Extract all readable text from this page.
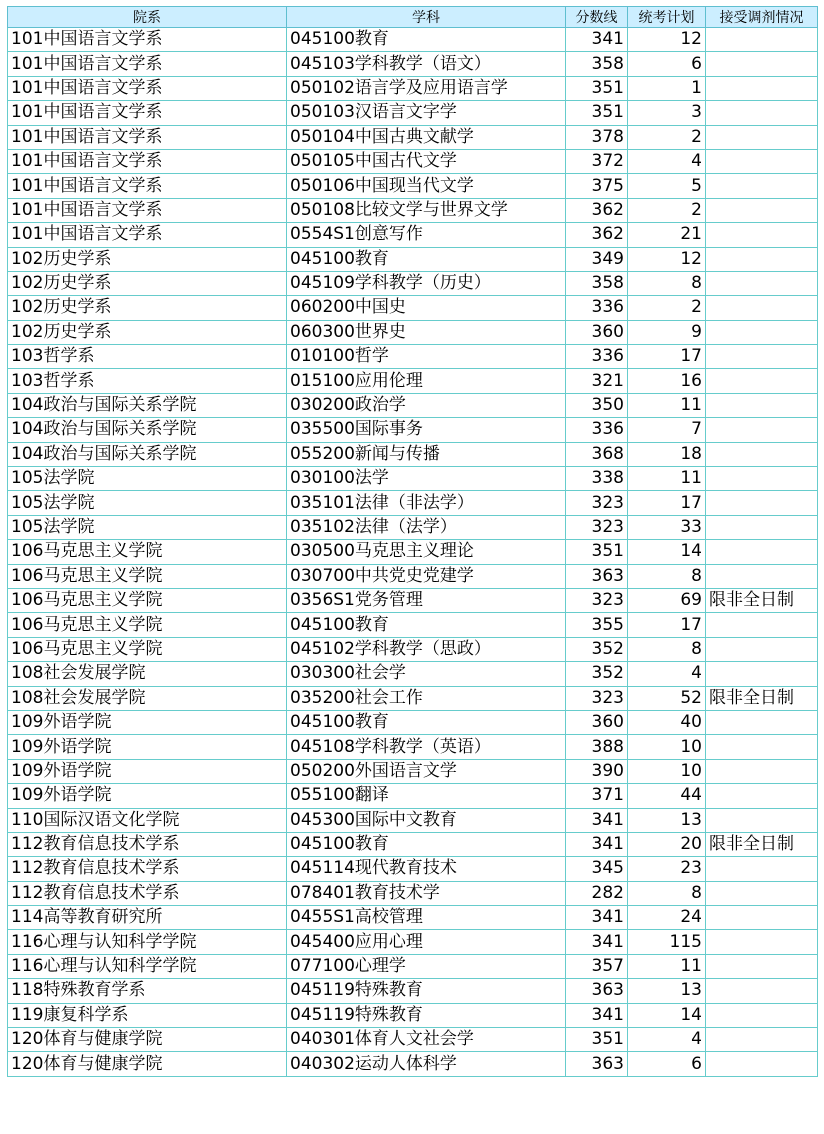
院系	学科	分数线	统考计划	接受调剂情况
101中国语言文学系	045100教育	341	12	
101中国语言文学系	045103学科教学（语文）	358	6	
101中国语言文学系	050102语言学及应用语言学	351	1	
101中国语言文学系	050103汉语言文字学	351	3	
101中国语言文学系	050104中国古典文献学	378	2	
101中国语言文学系	050105中国古代文学	372	4	
101中国语言文学系	050106中国现当代文学	375	5	
101中国语言文学系	050108比较文学与世界文学	362	2	
101中国语言文学系	0554S1创意写作	362	21	
102历史学系	045100教育	349	12	
102历史学系	045109学科教学（历史）	358	8	
102历史学系	060200中国史	336	2	
102历史学系	060300世界史	360	9	
103哲学系	010100哲学	336	17	
103哲学系	015100应用伦理	321	16	
104政治与国际关系学院	030200政治学	350	11	
104政治与国际关系学院	035500国际事务	336	7	
104政治与国际关系学院	055200新闻与传播	368	18	
105法学院	030100法学	338	11	
105法学院	035101法律（非法学）	323	17	
105法学院	035102法律（法学）	323	33	
106马克思主义学院	030500马克思主义理论	351	14	
106马克思主义学院	030700中共党史党建学	363	8	
106马克思主义学院	0356S1党务管理	323	69	限非全日制
106马克思主义学院	045100教育	355	17	
106马克思主义学院	045102学科教学（思政）	352	8	
108社会发展学院	030300社会学	352	4	
108社会发展学院	035200社会工作	323	52	限非全日制
109外语学院	045100教育	360	40	
109外语学院	045108学科教学（英语）	388	10	
109外语学院	050200外国语言文学	390	10	
109外语学院	055100翻译	371	44	
110国际汉语文化学院	045300国际中文教育	341	13	
112教育信息技术学系	045100教育	341	20	限非全日制
112教育信息技术学系	045114现代教育技术	345	23	
112教育信息技术学系	078401教育技术学	282	8	
114高等教育研究所	0455S1高校管理	341	24	
116心理与认知科学学院	045400应用心理	341	115	
116心理与认知科学学院	077100心理学	357	11	
118特殊教育学系	045119特殊教育	363	13	
119康复科学系	045119特殊教育	341	14	
120体育与健康学院	040301体育人文社会学	351	4	
120体育与健康学院	040302运动人体科学	363	6	
